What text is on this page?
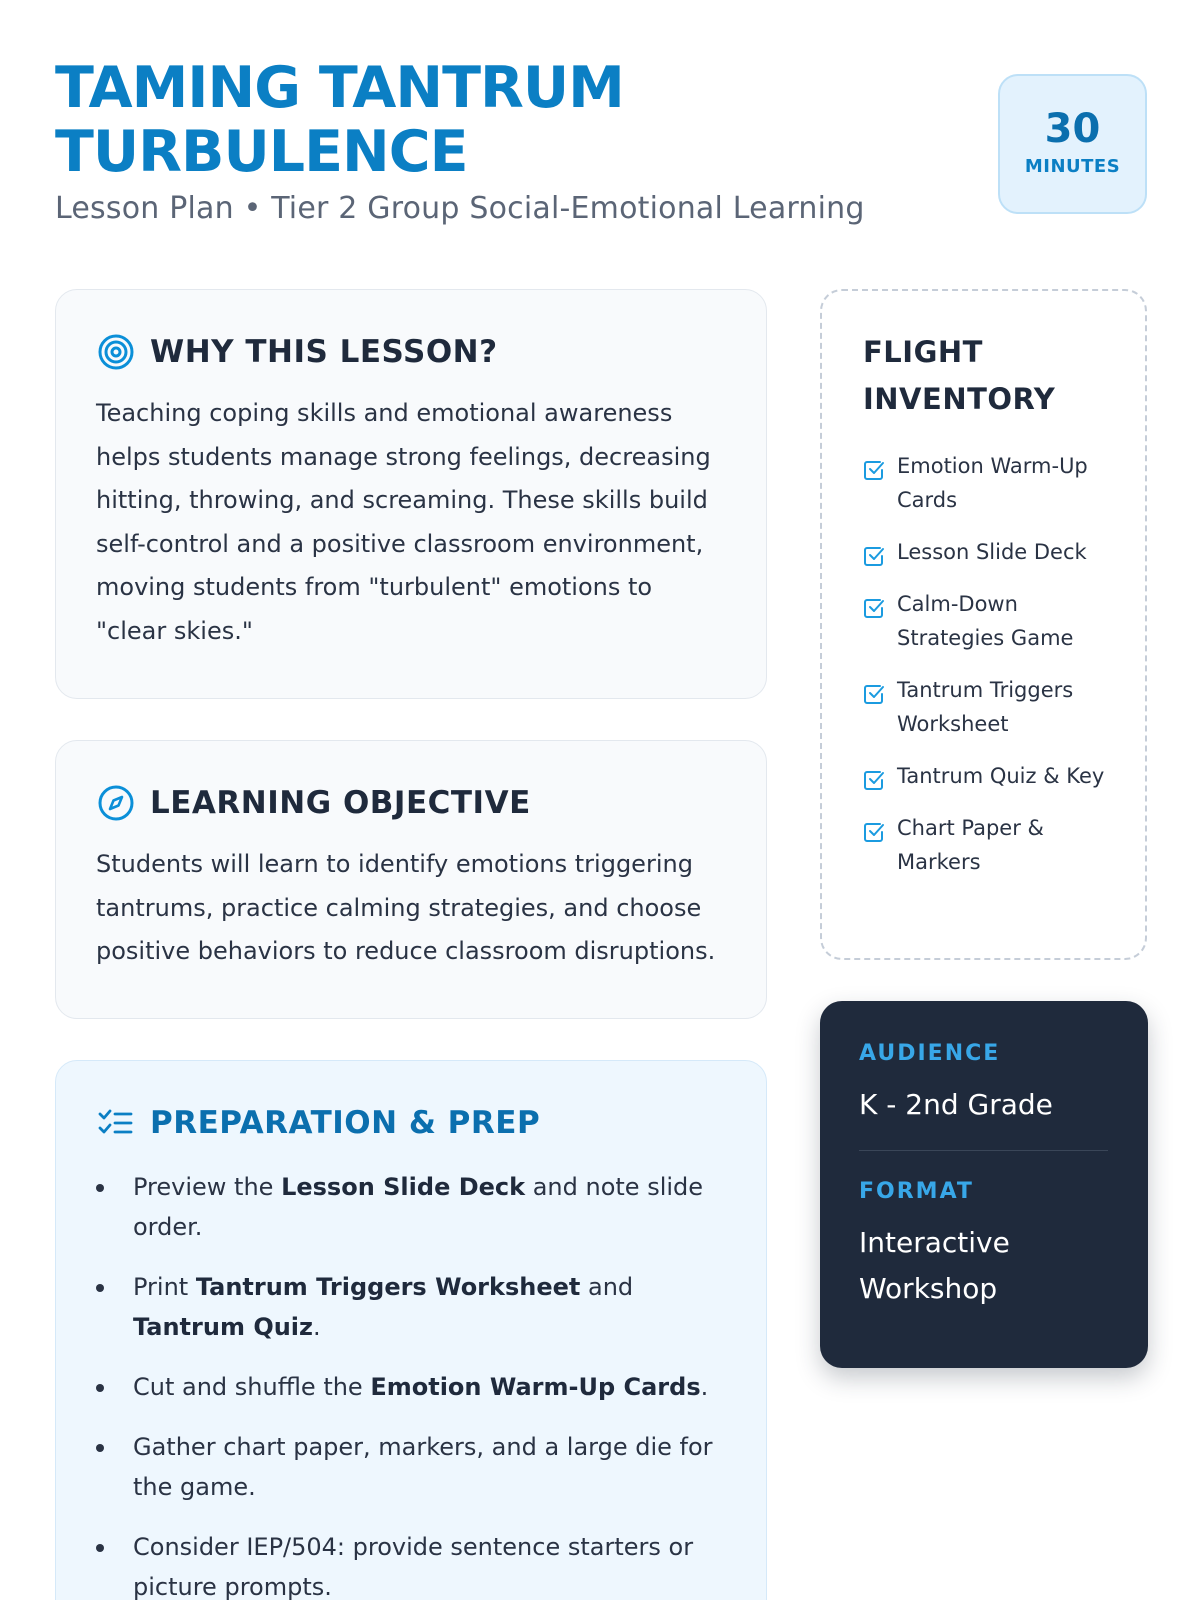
TAMING TANTRUM
TURBULENCE
Lesson Plan • Tier 2 Group Social-Emotional Learning
30
MINUTES
WHY THIS LESSON?

Teaching coping skills and emotional awareness helps students manage strong feelings, decreasing hitting, throwing, and screaming. These skills build self-control and a positive classroom environment, moving students from "turbulent" emotions to "clear skies."

LEARNING OBJECTIVE

Students will learn to identify emotions triggering tantrums, practice calming strategies, and choose positive behaviors to reduce classroom disruptions.

PREPARATION & PREP
Preview the Lesson Slide Deck and note slide order.
Print Tantrum Triggers Worksheet and Tantrum Quiz.
Cut and shuffle the Emotion Warm-Up Cards.
Gather chart paper, markers, and a large die for the game.
Consider IEP/504: provide sentence starters or picture prompts.
FLIGHT
INVENTORY
Emotion Warm-Up Cards
Lesson Slide Deck
Calm-Down Strategies Game
Tantrum Triggers Worksheet
Tantrum Quiz & Key
Chart Paper & Markers
AUDIENCE
K - 2nd Grade
FORMAT
Interactive Workshop
